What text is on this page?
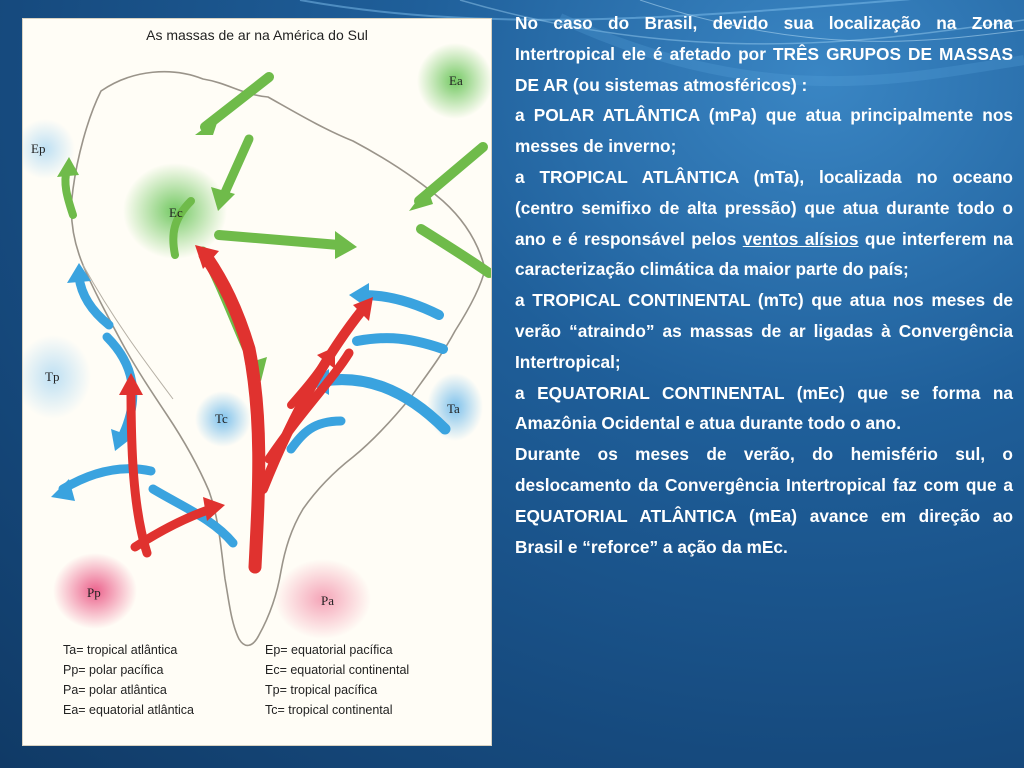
As massas de ar na América do Sul
Ea
Ep
Ec
Tp
Tc
Ta
Pp
Pa
Ta= tropical atlântica	Ep= equatorial pacífica
Pp= polar pacífica	Ec= equatorial continental
Pa= polar atlântica	Tp= tropical pacífica
Ea= equatorial atlântica	Tc= tropical continental

No caso do Brasil, devido sua localização na Zona Intertropical ele é afetado por TRÊS GRUPOS DE MASSAS DE AR (ou sistemas atmosféricos) :

a POLAR ATLÂNTICA (mPa) que atua principalmente nos messes de inverno;

a TROPICAL ATLÂNTICA (mTa), localizada no oceano (centro semifixo de alta pressão) que atua durante todo o ano e é responsável pelos ventos alísios que interferem na caracterização climática da maior parte do país;

a TROPICAL CONTINENTAL (mTc) que atua nos meses de verão “atraindo” as massas de ar ligadas à Convergência Intertropical;

a EQUATORIAL CONTINENTAL (mEc) que se forma na Amazônia Ocidental e atua durante todo o ano.

Durante os meses de verão, do hemisfério sul, o deslocamento da Convergência Intertropical faz com que a EQUATORIAL ATLÂNTICA (mEa) avance em direção ao Brasil e “reforce” a ação da mEc.
